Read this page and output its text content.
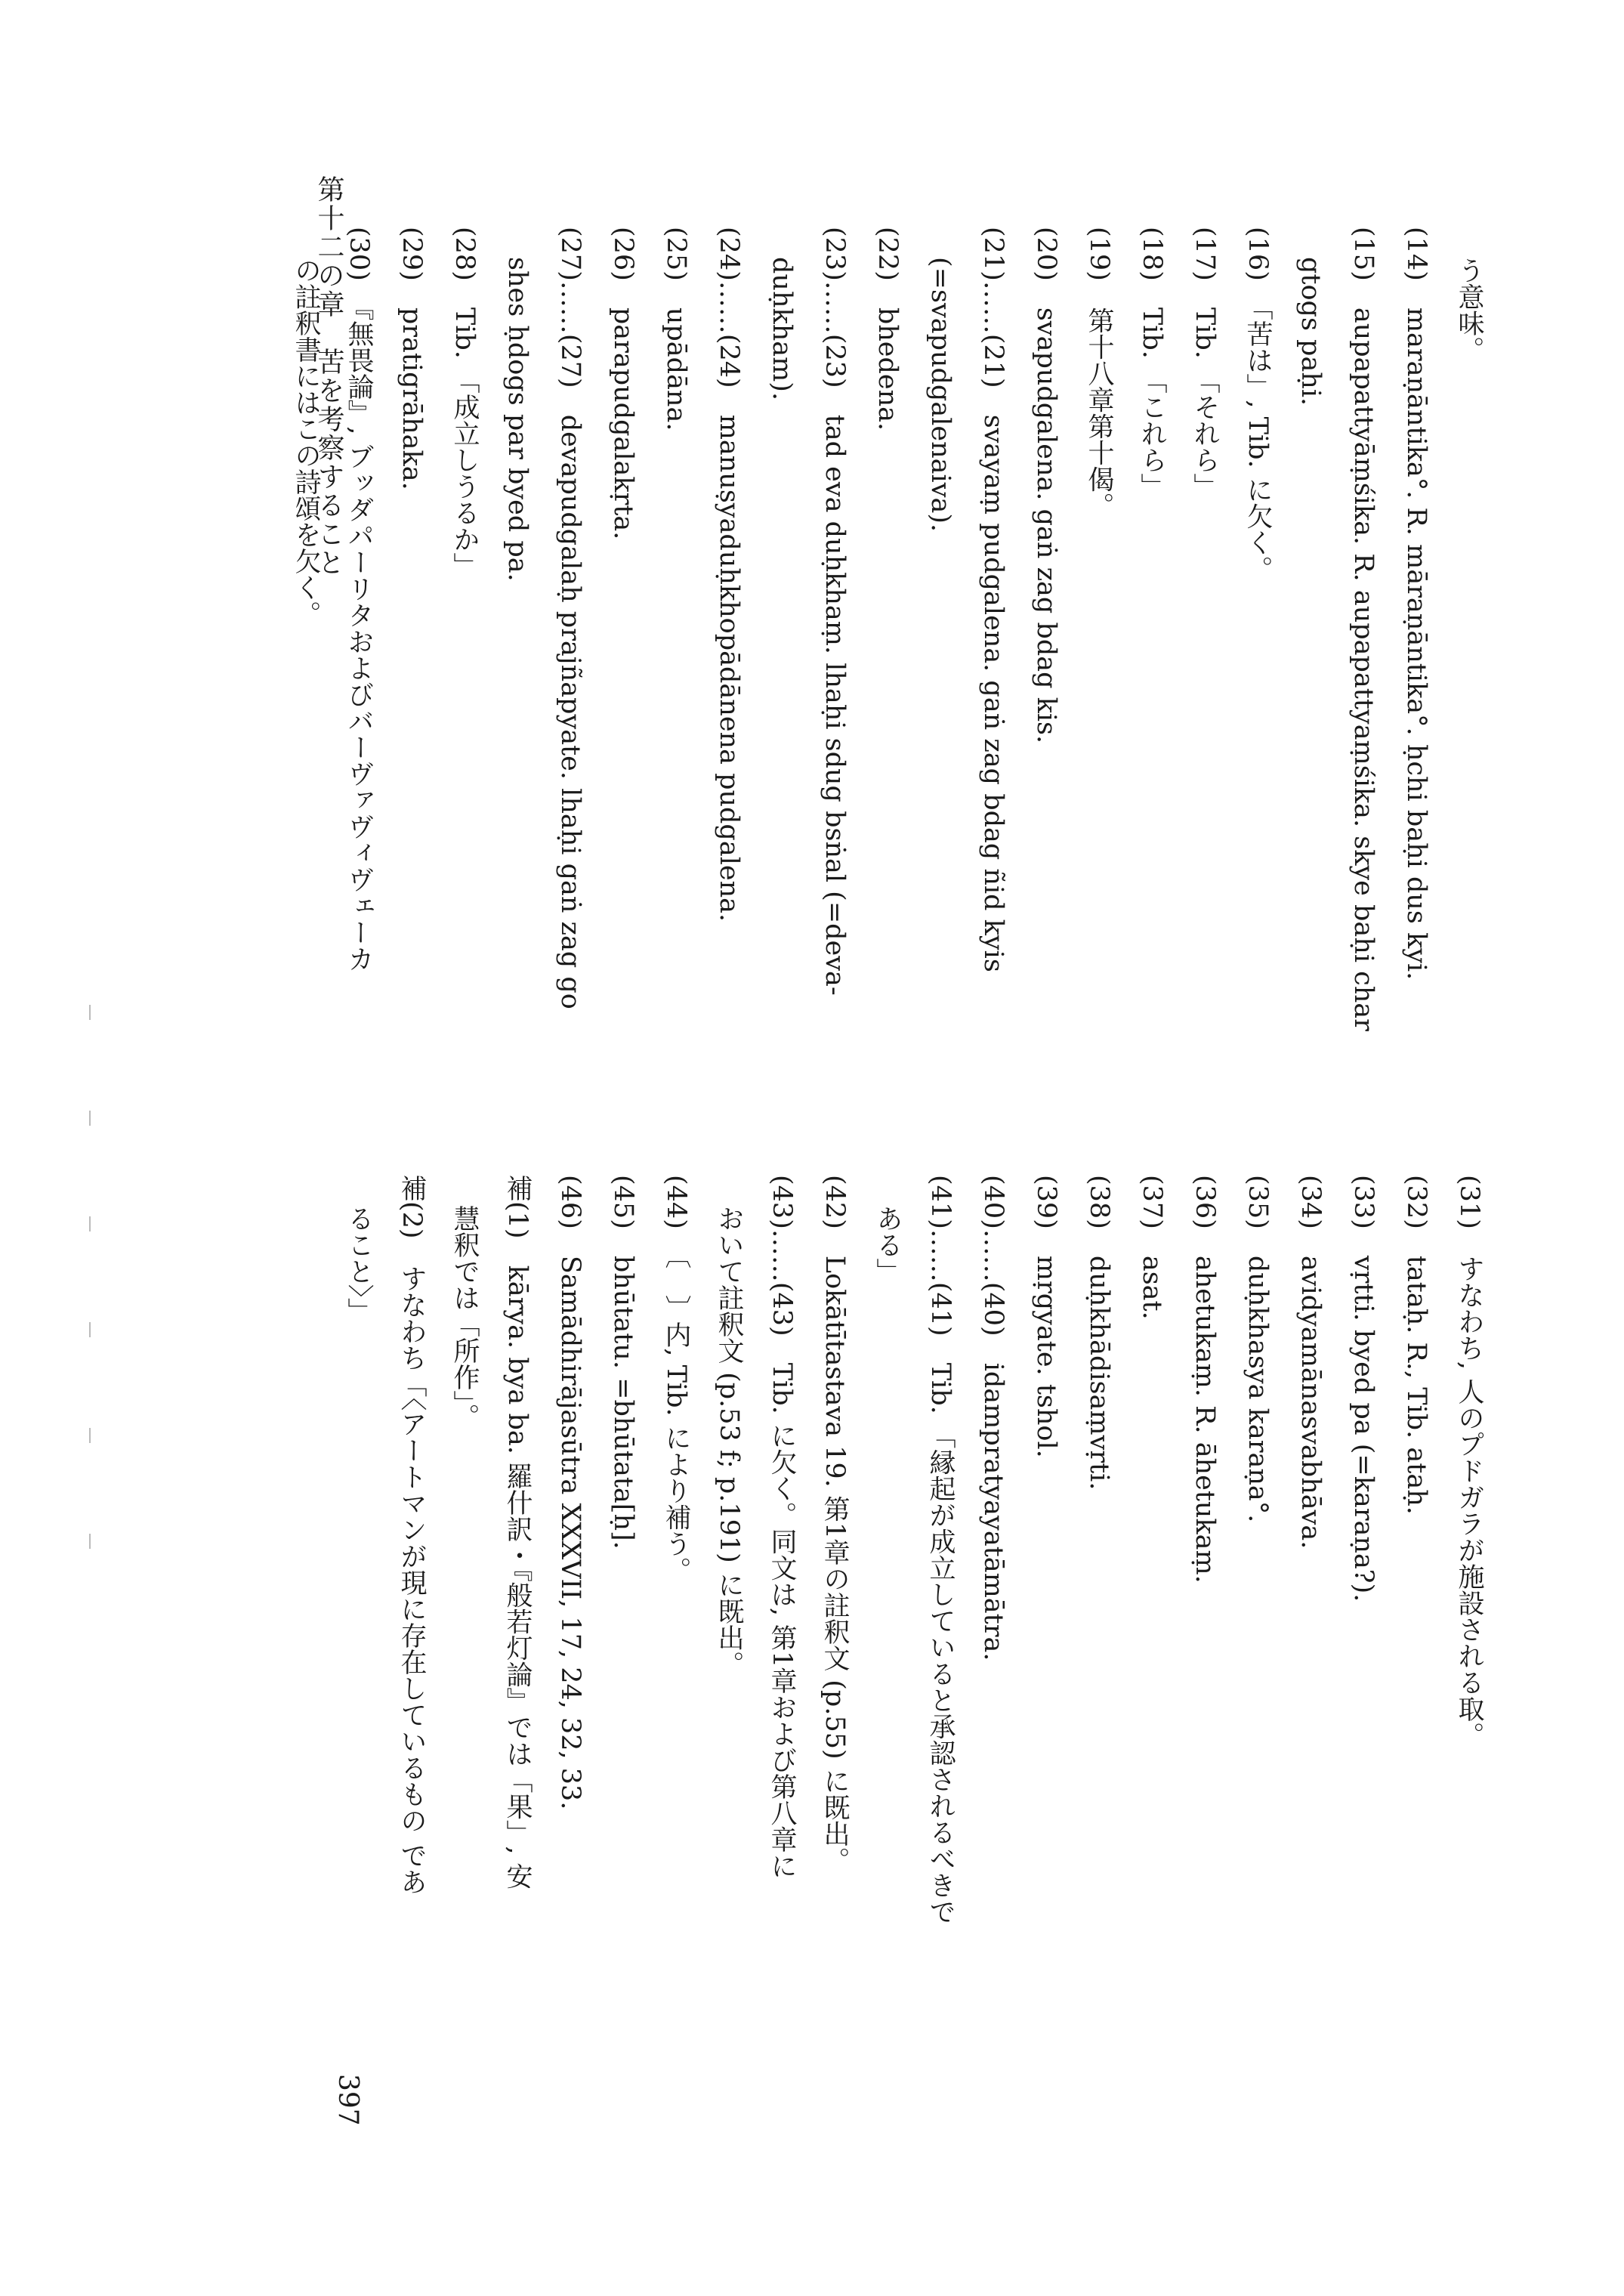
第十二の章　苦を考察すること	う意味。
(14)　maraṇāntika°. R. māraṇāntika°. ḥchi baḥi dus kyi.
(15)　aupapattyāṃśika. R. aupapattyaṃśika. skye baḥi char
gtogs paḥi.
(16)　「苦は」, Tib. に欠く。
(17)　Tib. 「それら」
(18)　Tib. 「これら」
(19)　第十八章第十偈。
(20)　svapudgalena. gaṅ zag bdag kis.
(21)……(21)　svayaṃ pudgalena. gaṅ zag bdag ñid kyis
(=svapudgalenaiva).
(22)　bhedena.
(23)……(23)　tad eva duḥkhaṃ. lhaḥi sdug bsṅal (=deva-
duḥkham).
(24)……(24)　manuṣyaduḥkhopādānena pudgalena.
(25)　upādāna.
(26)　parapudgalakṛta.
(27)……(27)　devapudgalaḥ prajñapyate. lhaḥi gaṅ zag go
shes ḥdogs par byed pa.
(28)　Tib. 「成立しうるか」
(29)　pratigrāhaka.
(30)　『無畏論』, ブッダパーリタおよびバーヴァヴィヴェーカ
の註釈書にはこの詩頌を欠く。
(31)　すなわち, 人のプドガラが施設される取。
(32)　tataḥ. R., Tib. ataḥ.
(33)　vṛtti. byed pa (=karaṇa?).
(34)　avidyamānasvabhāva.
(35)　duḥkhasya karaṇa°.
(36)　ahetukaṃ. R. āhetukaṃ.
(37)　asat.
(38)　duḥkhādisaṃvṛti.
(39)　mṛgyate. tshol.
(40)……(40)　idampratyayatāmātra.
(41)……(41)　Tib. 「縁起が成立していると承認されるべきで
ある」
(42)　Lokātītastava 19. 第1章の註釈文 (p.55) に既出。
(43)……(43)　Tib. に欠く。同文は, 第1章および第八章に
おいて註釈文 (p.53 f; p.191) に既出。
(44)　〔　〕内, Tib. により補う。
(45)　bhūtatu. =bhūtata[ḥ].
(46)　Samādhirājasūtra XXXVII, 17, 24, 32, 33.
補(1)　kārya. bya ba. 羅什訳・『般若灯論』では「果」, 安
慧釈では「所作」。
補(2)　すなわち「〈アートマンが現に存在しているもの であ
ること〉」
397
